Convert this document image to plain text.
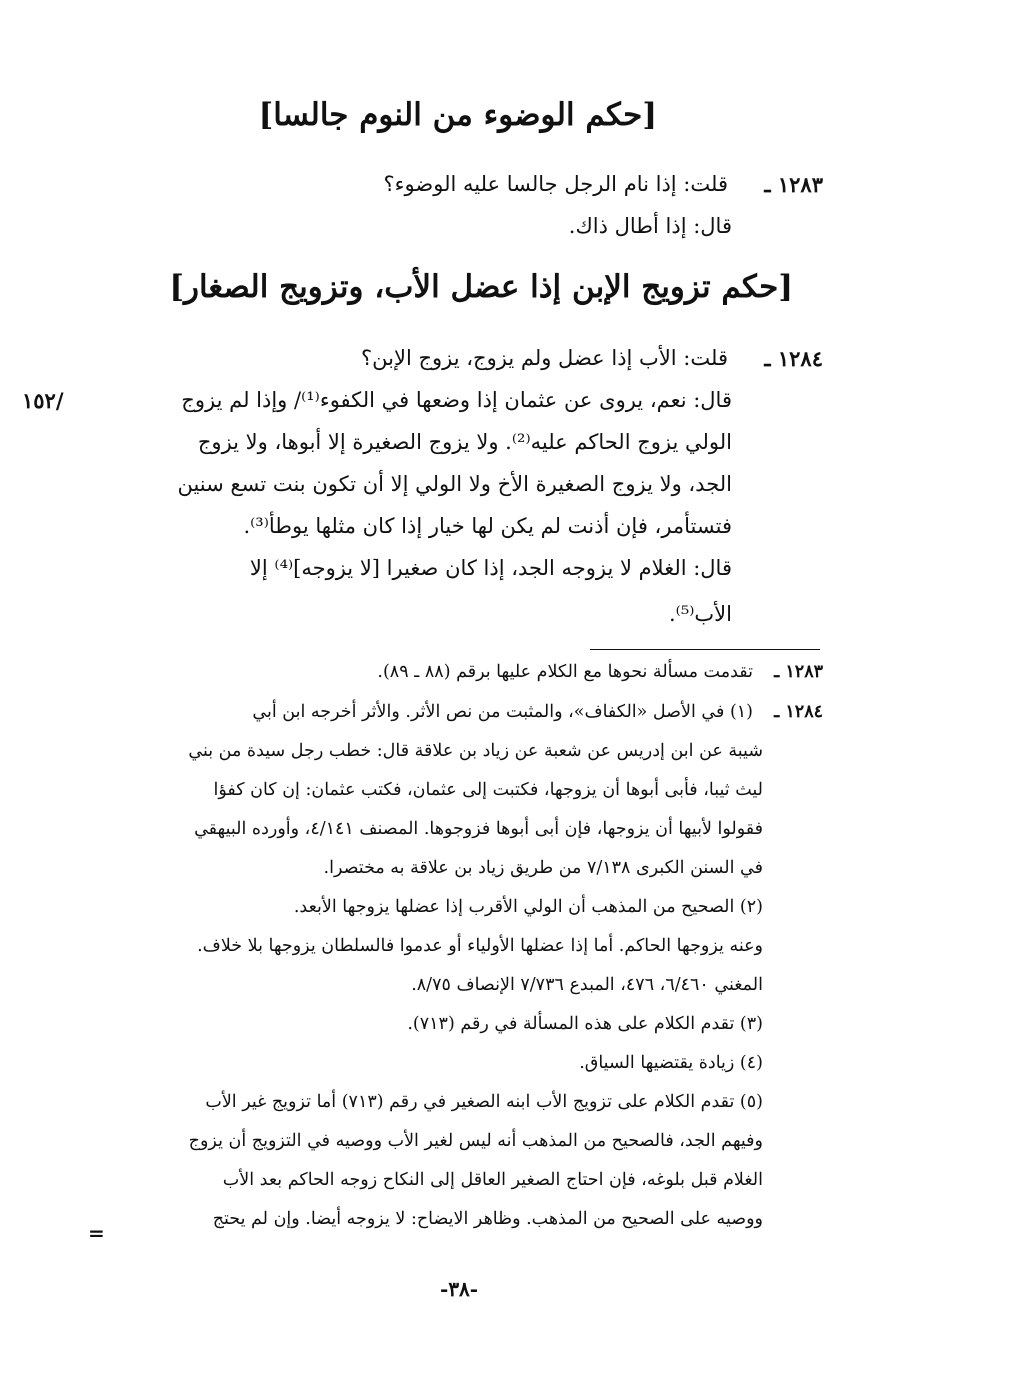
[حكم الوضوء من النوم جالسا]
١٢٨٣ ـ
قلت: إذا نام الرجل جالسا عليه الوضوء؟
قال: إذا أطال ذاك.
[حكم تزويج الإبن إذا عضل الأب، وتزويج الصغار]
١٢٨٤ ـ
قلت: الأب إذا عضل ولم يزوج، يزوج الإبن؟
/١٥٢	قال: نعم، يروى عن عثمان إذا وضعها في الكفوء⁽¹⁾/ وإذا لم يزوج
الولي يزوج الحاكم عليه⁽²⁾. ولا يزوج الصغيرة إلا أبوها، ولا يزوج
الجد، ولا يزوج الصغيرة الأخ ولا الولي إلا أن تكون بنت تسع سنين
فتستأمر، فإن أذنت لم يكن لها خيار إذا كان مثلها يوطأ⁽³⁾.
قال: الغلام لا يزوجه الجد، إذا كان صغيرا [لا يزوجه]⁽⁴⁾ إلا
الأب⁽⁵⁾.
١٢٨٣ ـ
تقدمت مسألة نحوها مع الكلام عليها برقم (٨٨ ـ ٨٩).
١٢٨٤ ـ
(١) في الأصل «الكفاف»، والمثبت من نص الأثر. والأثر أخرجه ابن أبي
شيبة عن ابن إدريس عن شعبة عن زياد بن علاقة قال: خطب رجل سيدة من بني
ليث ثيبا، فأبى أبوها أن يزوجها، فكتبت إلى عثمان، فكتب عثمان: إن كان كفؤا
فقولوا لأبيها أن يزوجها، فإن أبى أبوها فزوجوها. المصنف ٤/١٤١، وأورده البيهقي
في السنن الكبرى ٧/١٣٨ من طريق زياد بن علاقة به مختصرا.
(٢) الصحيح من المذهب أن الولي الأقرب إذا عضلها يزوجها الأبعد.
وعنه يزوجها الحاكم. أما إذا عضلها الأولياء أو عدموا فالسلطان يزوجها بلا خلاف.
المغني ٦/٤٦٠، ٤٧٦، المبدع ٧/٧٣٦ الإنصاف ٨/٧٥.
(٣) تقدم الكلام على هذه المسألة في رقم (٧١٣).
(٤) زيادة يقتضيها السياق.
(٥) تقدم الكلام على تزويج الأب ابنه الصغير في رقم (٧١٣) أما تزويج غير الأب
وفيهم الجد، فالصحيح من المذهب أنه ليس لغير الأب ووصيه في التزويج أن يزوج
الغلام قبل بلوغه، فإن احتاج الصغير العاقل إلى النكاح زوجه الحاكم بعد الأب
ووصيه على الصحيح من المذهب. وظاهر الايضاح: لا يزوجه أيضا. وإن لم يحتج
=
-٣٨-
